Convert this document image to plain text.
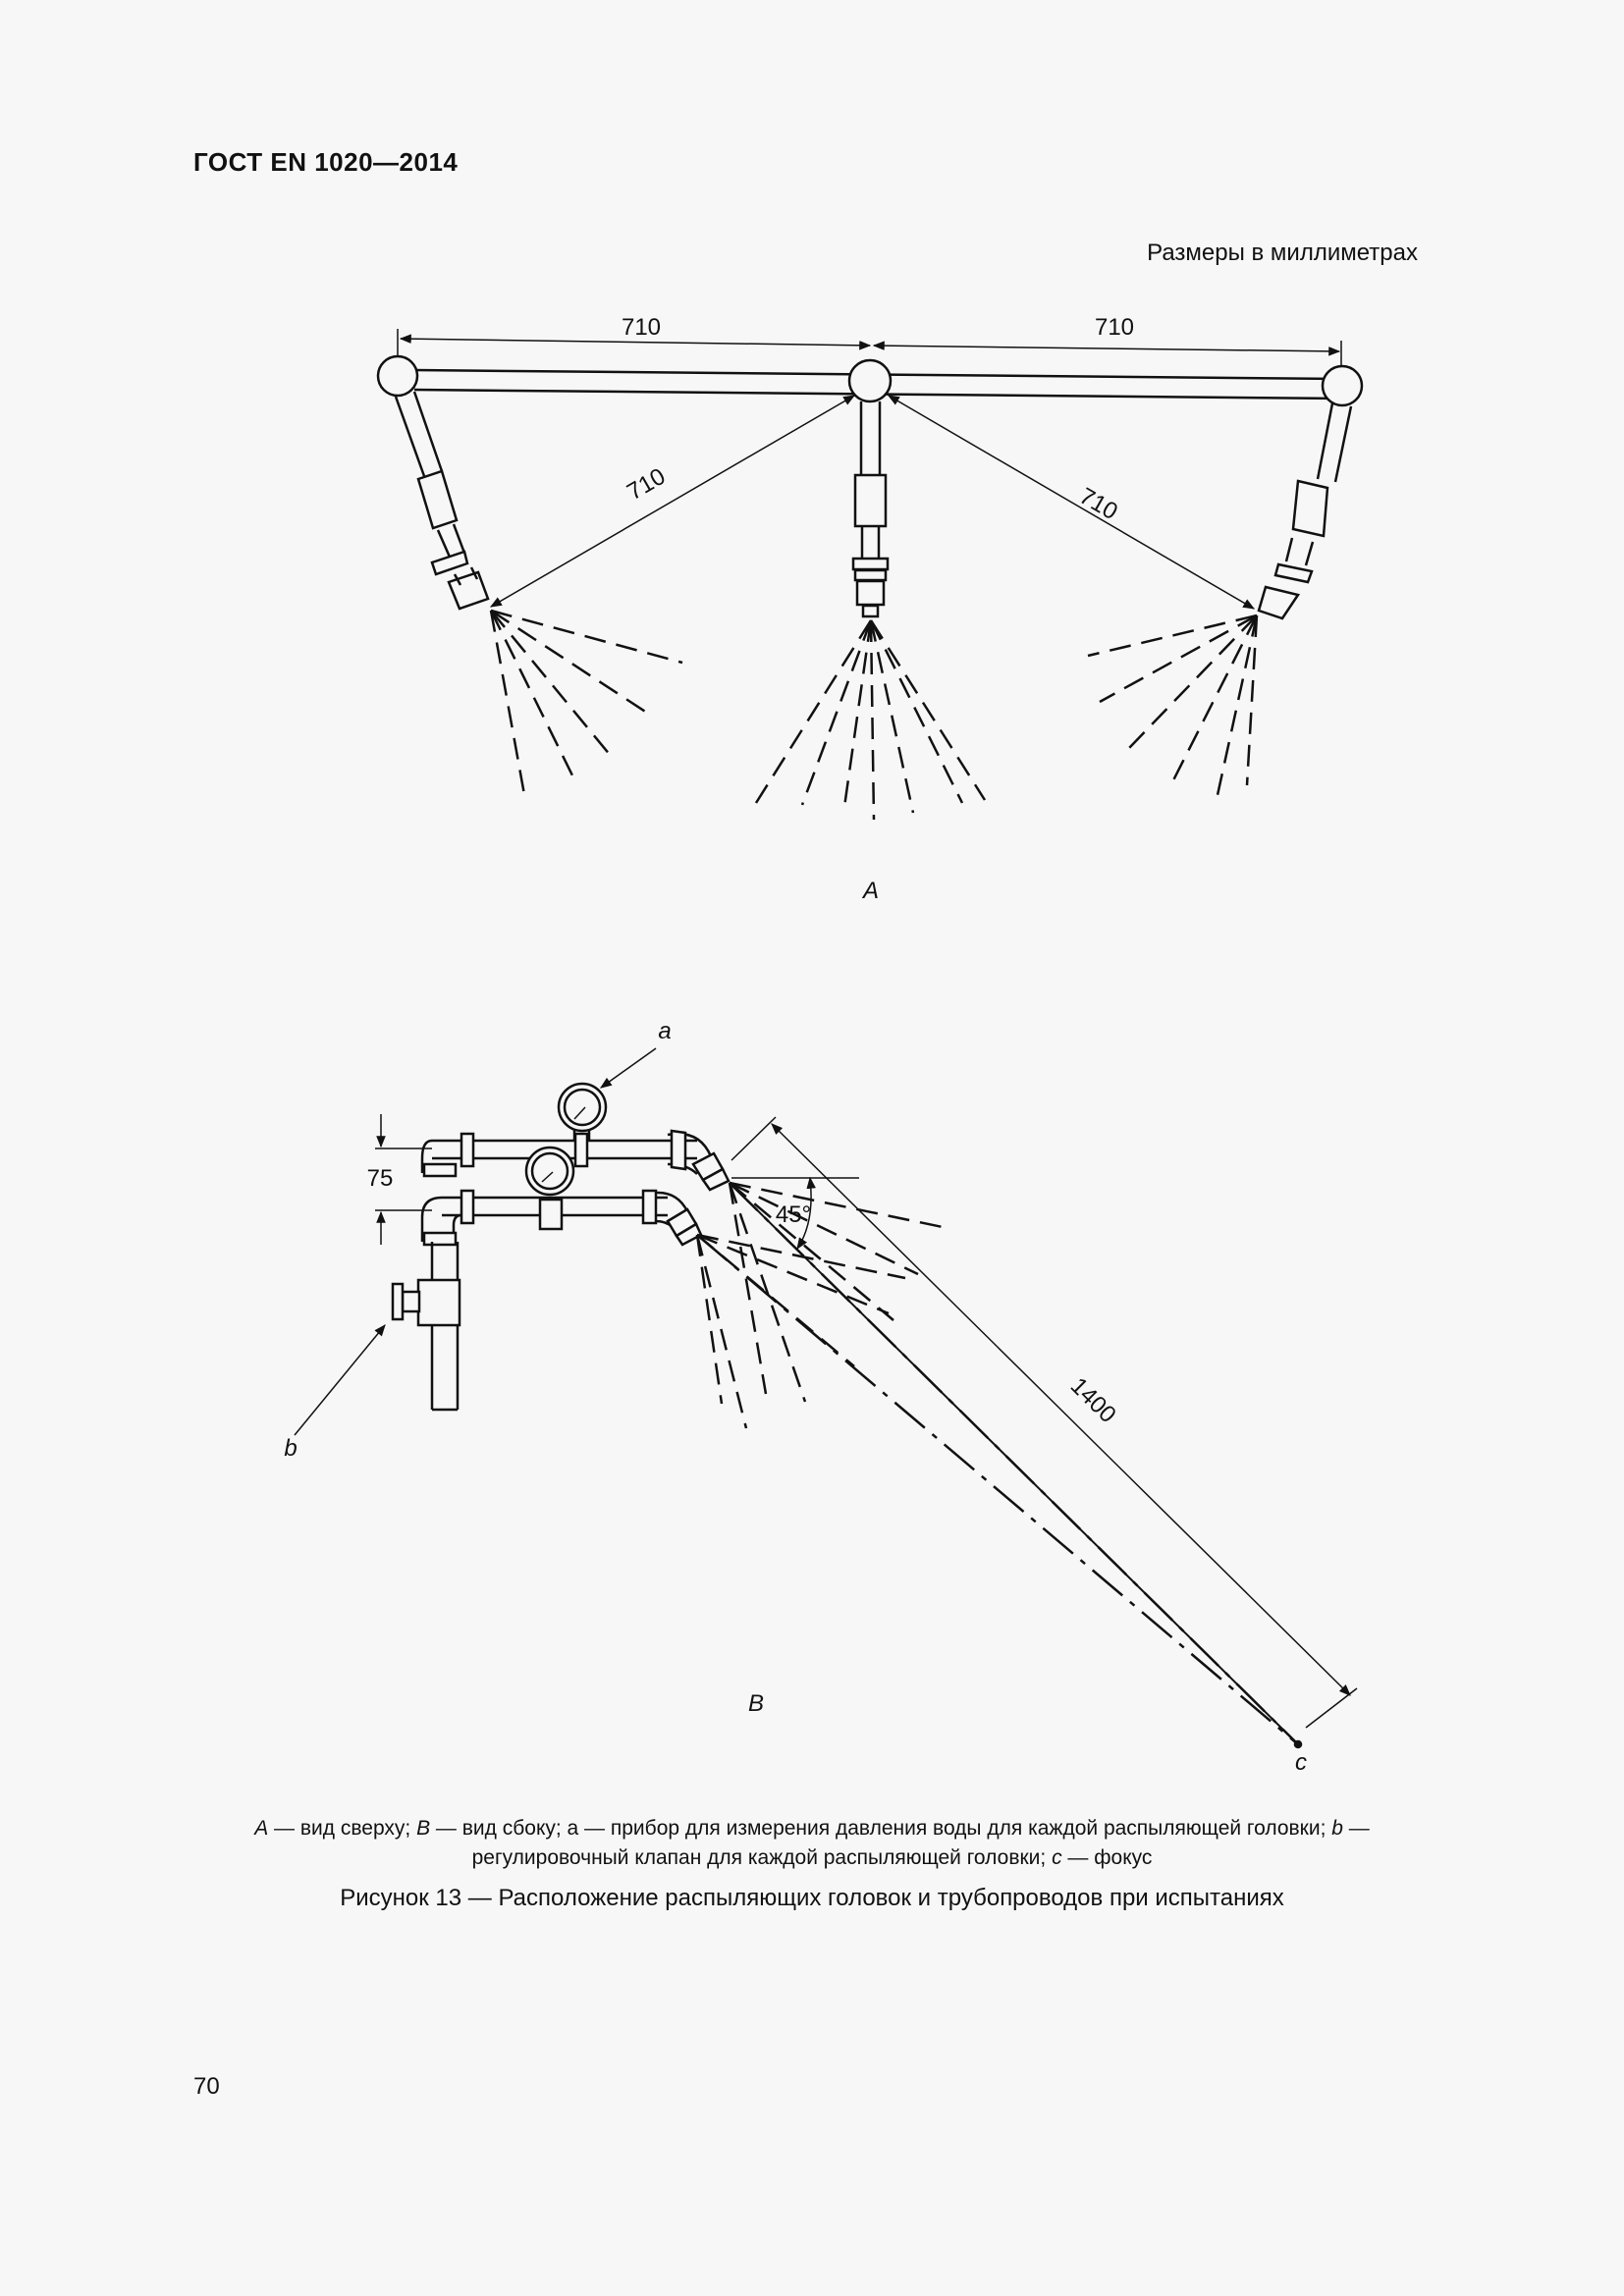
ГОСТ EN 1020—2014
Размеры в миллиметрах
710	710
710	710
A
75
45°
1400
a
b
c
B
A — вид сверху; B — вид сбоку; а — прибор для измерения давления воды для каждой распыляющей головки; b — регулировочный клапан для каждой распыляющей головки; c — фокус
Рисунок 13 — Расположение распыляющих головок и трубопроводов при испытаниях
70
